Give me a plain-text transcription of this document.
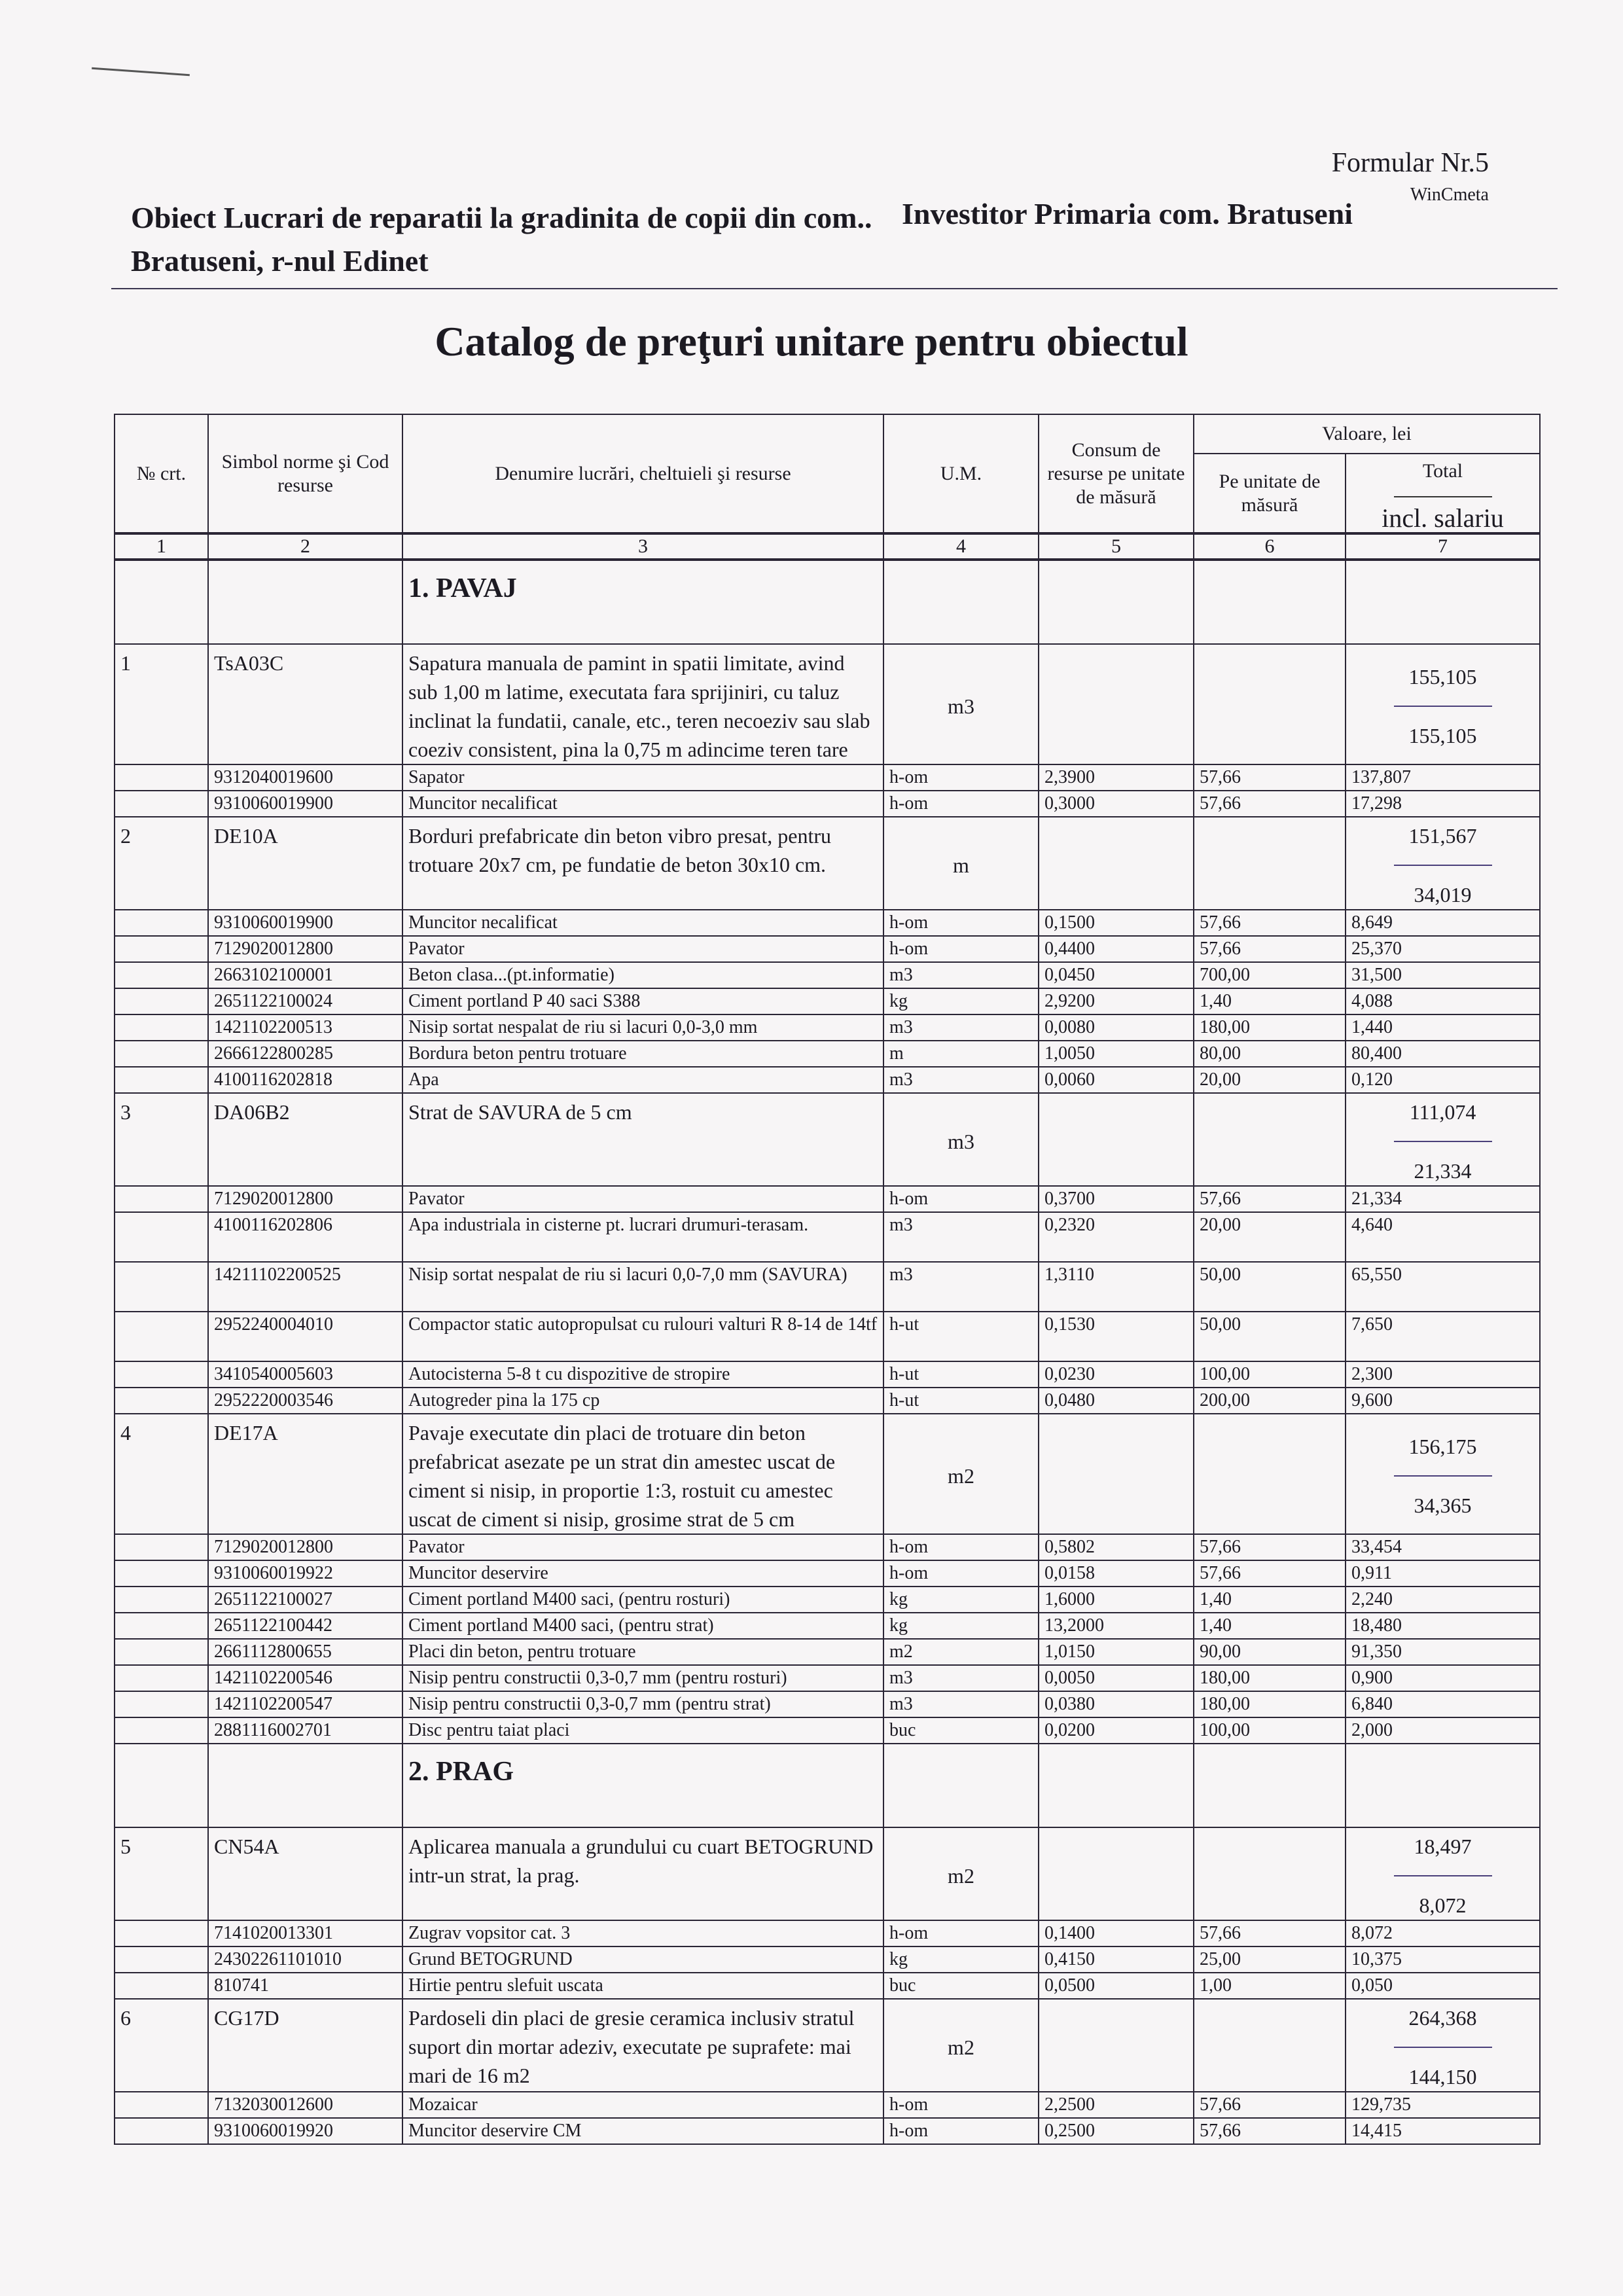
Formular Nr.5
WinCmeta
Obiect Lucrari de reparatii la gradinita de copii din com.. Bratuseni, r-nul Edinet
Investitor Primaria com. Bratuseni
Catalog de preţuri unitare pentru obiectul
№ crt.	Simbol norme şi Cod resurse	Denumire lucrări, cheltuieli şi resurse	U.M.	Consum de resurse pe unitate de măsură	Valoare, lei	
					Pe unitate de măsură	Total
incl. salariu

1	2	3	4	5	6	7
		1. PAVAJ				
1	TsA03C	Sapatura manuala de pamint in spatii limitate, avind sub 1,00 m latime, executata fara sprijiniri, cu taluz inclinat la fundatii, canale, etc., teren necoeziv sau slab coeziv consistent, pina la 0,75 m adincime teren tare	m3			155,105
155,105

	9312040019600	Sapator	h-om	2,3900	57,66	137,807
	9310060019900	Muncitor necalificat	h-om	0,3000	57,66	17,298
2	DE10A	Borduri prefabricate din beton vibro presat, pentru trotuare 20x7 cm, pe fundatie de beton 30x10 cm.	m			151,567
34,019

	9310060019900	Muncitor necalificat	h-om	0,1500	57,66	8,649
	7129020012800	Pavator	h-om	0,4400	57,66	25,370
	2663102100001	Beton clasa...(pt.informatie)	m3	0,0450	700,00	31,500
	2651122100024	Ciment portland P 40 saci S388	kg	2,9200	1,40	4,088
	1421102200513	Nisip sortat nespalat de riu si lacuri 0,0-3,0 mm	m3	0,0080	180,00	1,440
	2666122800285	Bordura beton pentru trotuare	m	1,0050	80,00	80,400
	4100116202818	Apa	m3	0,0060	20,00	0,120
3	DA06B2	Strat de SAVURA de 5 cm	m3			111,074
21,334

	7129020012800	Pavator	h-om	0,3700	57,66	21,334
	4100116202806	Apa industriala in cisterne pt. lucrari drumuri-terasam.	m3	0,2320	20,00	4,640
	14211102200525	Nisip sortat nespalat de riu si lacuri 0,0-7,0 mm (SAVURA)	m3	1,3110	50,00	65,550
	2952240004010	Compactor static autopropulsat cu rulouri valturi R 8-14 de 14tf	h-ut	0,1530	50,00	7,650
	3410540005603	Autocisterna 5-8 t cu dispozitive de stropire	h-ut	0,0230	100,00	2,300
	2952220003546	Autogreder pina la 175 cp	h-ut	0,0480	200,00	9,600
4	DE17A	Pavaje executate din placi de trotuare din beton prefabricat asezate pe un strat din amestec uscat de ciment si nisip, in proportie 1:3, rostuit cu amestec uscat de ciment si nisip, grosime strat de 5 cm	m2			156,175
34,365

	7129020012800	Pavator	h-om	0,5802	57,66	33,454
	9310060019922	Muncitor deservire	h-om	0,0158	57,66	0,911
	2651122100027	Ciment portland M400 saci, (pentru rosturi)	kg	1,6000	1,40	2,240
	2651122100442	Ciment portland M400 saci, (pentru strat)	kg	13,2000	1,40	18,480
	2661112800655	Placi din beton, pentru trotuare	m2	1,0150	90,00	91,350
	1421102200546	Nisip pentru constructii 0,3-0,7 mm (pentru rosturi)	m3	0,0050	180,00	0,900
	1421102200547	Nisip pentru constructii 0,3-0,7 mm (pentru strat)	m3	0,0380	180,00	6,840
	2881116002701	Disc pentru taiat placi	buc	0,0200	100,00	2,000
		2. PRAG				
5	CN54A	Aplicarea manuala a grundului cu cuart BETOGRUND intr-un strat, la prag.	m2			18,497
8,072

	7141020013301	Zugrav vopsitor cat. 3	h-om	0,1400	57,66	8,072
	24302261101010	Grund BETOGRUND	kg	0,4150	25,00	10,375
	810741	Hirtie pentru slefuit uscata	buc	0,0500	1,00	0,050
6	CG17D	Pardoseli din placi de gresie ceramica inclusiv stratul suport din mortar adeziv, executate pe suprafete: mai mari de 16 m2	m2			264,368
144,150

	7132030012600	Mozaicar	h-om	2,2500	57,66	129,735
	9310060019920	Muncitor deservire CM	h-om	0,2500	57,66	14,415
